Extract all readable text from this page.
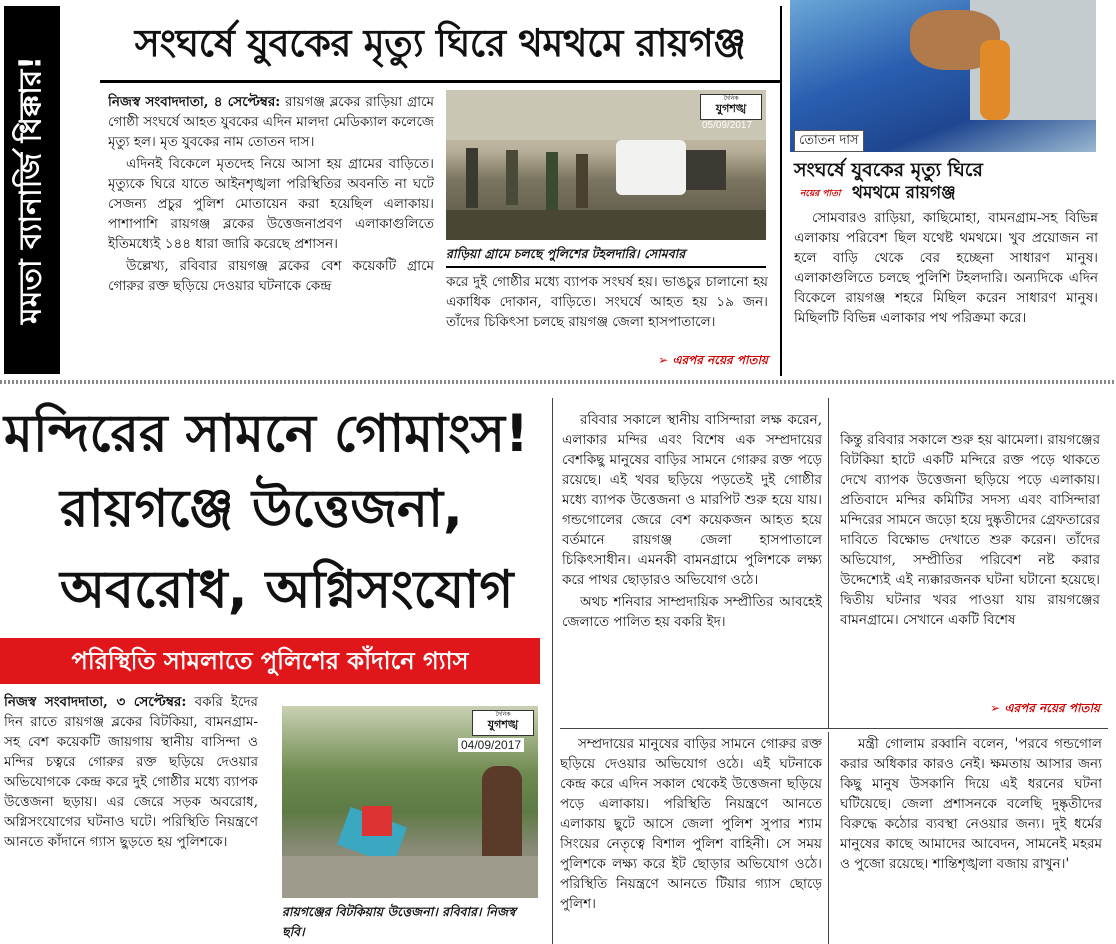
মমতা ব্যানার্জি ধিক্কার!
সংঘর্ষে যুবকের মৃত্যু ঘিরে থমথমে রায়গঞ্জ

নিজস্ব সংবাদদাতা, ৪ সেপ্টেম্বর: রায়গঞ্জ ব্লকের রাড়িয়া গ্রামে গোষ্ঠী সংঘর্ষে আহত যুবকের এদিন মালদা মেডিক্যাল কলেজে মৃত্যু হল। মৃত যুবকের নাম তোতন দাস।

এদিনই বিকেলে মৃতদেহ নিয়ে আসা হয় গ্রামের বাড়িতে। মৃত্যুকে ঘিরে যাতে আইনশৃঙ্খলা পরিস্থিতির অবনতি না ঘটে সেজন্য প্রচুর পুলিশ মোতায়েন করা হয়েছিল এলাকায়। পাশাপাশি রায়গঞ্জ ব্লকের উত্তেজনাপ্রবণ এলাকাগুলিতে ইতিমধ্যেই ১৪৪ ধারা জারি করেছে প্রশাসন।

উল্লেখ্য, রবিবার রায়গঞ্জ ব্লকের বেশ কয়েকটি গ্রামে গোরুর রক্ত ছড়িয়ে দেওয়ার ঘটনাকে কেন্দ্র

দৈনিক
যুগশঙ্খ
05/09/2017
রাড়িয়া গ্রামে চলছে পুলিশের টহলদারি। সোমবার

করে দুই গোষ্ঠীর মধ্যে ব্যাপক সংঘর্ষ হয়। ভাঙচুর চালানো হয় একাধিক দোকান, বাড়িতে। সংঘর্ষে আহত হয় ১৯ জন। তাঁদের চিকিৎসা চলছে রায়গঞ্জ জেলা হাসপাতালে।

➢ এরপর নয়ের পাতায়
তোতন দাস
সংঘর্ষে যুবকের মৃত্যু ঘিরে
নয়ের পাতা থমথমে রায়গঞ্জ

সোমবারও রাড়িয়া, কাছিমোহা, বামনগ্রাম-সহ বিভিন্ন এলাকায় পরিবেশ ছিল যথেষ্ট থমথমে। খুব প্রয়োজন না হলে বাড়ি থেকে বের হচ্ছেনা সাধারণ মানুষ। এলাকাগুলিতে চলছে পুলিশি টহলদারি। অন্যদিকে এদিন বিকেলে রায়গঞ্জ শহরে মিছিল করেন সাধারণ মানুষ। মিছিলটি বিভিন্ন এলাকার পথ পরিক্রমা করে।

মন্দিরের সামনে গোমাংস!
রায়গঞ্জে উত্তেজনা,
অবরোধ, অগ্নিসংযোগ
পরিস্থিতি সামলাতে পুলিশের কাঁদানে গ্যাস

নিজস্ব সংবাদদাতা, ৩ সেপ্টেম্বর: বকরি ইদের দিন রাতে রায়গঞ্জ ব্লকের বিটকিয়া, বামনগ্রাম-সহ বেশ কয়েকটি জায়গায় স্থানীয় বাসিন্দা ও মন্দির চত্বরে গোরুর রক্ত ছড়িয়ে দেওয়ার অভিযোগকে কেন্দ্র করে দুই গোষ্ঠীর মধ্যে ব্যাপক উত্তেজনা ছড়ায়। এর জেরে সড়ক অবরোধ, অগ্নিসংযোগের ঘটনাও ঘটে। পরিস্থিতি নিয়ন্ত্রণে আনতে কাঁদানে গ্যাস ছুড়তে হয় পুলিশকে।

দৈনিক
যুগশঙ্খ
04/09/2017
রায়গঞ্জের বিটকিয়ায় উত্তেজনা। রবিবার। নিজস্ব ছবি।

রবিবার সকালে স্থানীয় বাসিন্দারা লক্ষ করেন, এলাকার মন্দির এবং বিশেষ এক সম্প্রদায়ের বেশকিছু মানুষের বাড়ির সামনে গোরুর রক্ত পড়ে রয়েছে। এই খবর ছড়িয়ে পড়তেই দুই গোষ্ঠীর মধ্যে ব্যাপক উত্তেজনা ও মারপিট শুরু হয়ে যায়। গন্ডগোলের জেরে বেশ কয়েকজন আহত হয়ে বর্তমানে রায়গঞ্জ জেলা হাসপাতালে চিকিৎসাধীন। এমনকী বামনগ্রামে পুলিশকে লক্ষ্য করে পাথর ছোড়ারও অভিযোগ ওঠে।

অথচ শনিবার সাম্প্রদায়িক সম্প্রীতির আবহেই জেলাতে পালিত হয় বকরি ইদ।

কিন্তু রবিবার সকালে শুরু হয় ঝামেলা। রায়গঞ্জের বিটকিয়া হাটে একটি মন্দিরে রক্ত পড়ে থাকতে দেখে ব্যাপক উত্তেজনা ছড়িয়ে পড়ে এলাকায়। প্রতিবাদে মন্দির কমিটির সদস্য এবং বাসিন্দারা মন্দিরের সামনে জড়ো হয়ে দুষ্কৃতীদের গ্রেফতারের দাবিতে বিক্ষোভ দেখাতে শুরু করেন। তাঁদের অভিযোগ, সম্প্রীতির পরিবেশ নষ্ট করার উদ্দেশ্যেই এই ন্যক্কারজনক ঘটনা ঘটানো হয়েছে। দ্বিতীয় ঘটনার খবর পাওয়া যায় রায়গঞ্জের বামনগ্রামে। সেখানে একটি বিশেষ

➢ এরপর নয়ের পাতায়

সম্প্রদায়ের মানুষের বাড়ির সামনে গোরুর রক্ত ছড়িয়ে দেওয়ার অভিযোগ ওঠে। এই ঘটনাকে কেন্দ্র করে এদিন সকাল থেকেই উত্তেজনা ছড়িয়ে পড়ে এলাকায়। পরিস্থিতি নিয়ন্ত্রণে আনতে এলাকায় ছুটে আসে জেলা পুলিশ সুপার শ্যাম সিংয়ের নেতৃত্বে বিশাল পুলিশ বাহিনী। সে সময় পুলিশকে লক্ষ্য করে ইট ছোড়ার অভিযোগ ওঠে। পরিস্থিতি নিয়ন্ত্রণে আনতে টিয়ার গ্যাস ছোড়ে পুলিশ।

মন্ত্রী গোলাম রব্বানি বলেন, 'পরবে গন্ডগোল করার অধিকার কারও নেই। ক্ষমতায় আসার জন্য কিছু মানুষ উসকানি দিয়ে এই ধরনের ঘটনা ঘটিয়েছে। জেলা প্রশাসনকে বলেছি দুষ্কৃতীদের বিরুদ্ধে কঠোর ব্যবস্থা নেওয়ার জন্য। দুই ধর্মের মানুষের কাছে আমাদের আবেদন, সামনেই মহরম ও পুজো রয়েছে। শান্তিশৃঙ্খলা বজায় রাখুন।'
